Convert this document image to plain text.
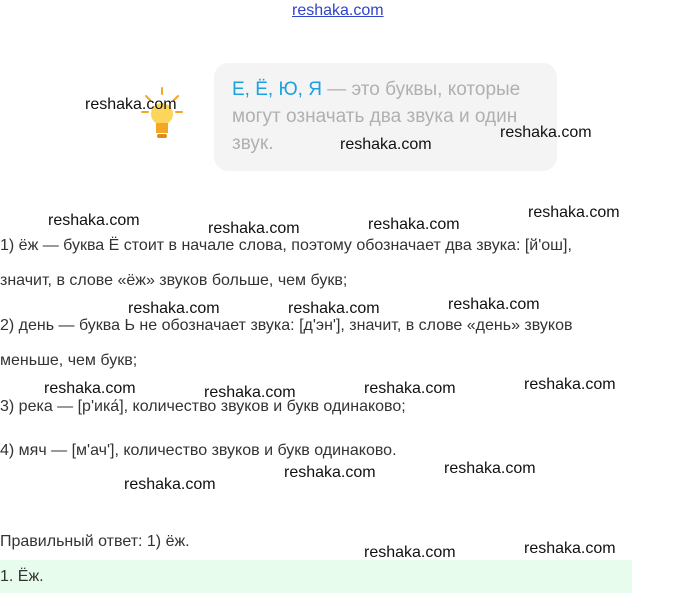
reshaka.com
Е, Ё, Ю, Я — это буквы, которые могут означать два звука и один звук.
1) ёж — буква Ё стоит в начале слова, поэтому обозначает два звука: [й'ош],
значит, в слове «ёж» звуков больше, чем букв;
2) день — буква Ь не обозначает звука: [д'эн'], значит, в слове «день» звуков
меньше, чем букв;
3) река — [р'ика́], количество звуков и букв одинаково;
4) мяч — [м'ач'], количество звуков и букв одинаково.
Правильный ответ: 1) ёж.
1. Ёж.
reshaka.com
reshaka.com
reshaka.com
reshaka.com	reshaka.com	reshaka.com
reshaka.com
reshaka.com	reshaka.com	reshaka.com
reshaka.com	reshaka.com	reshaka.com	reshaka.com
reshaka.com	reshaka.com
reshaka.com
reshaka.com	reshaka.com
